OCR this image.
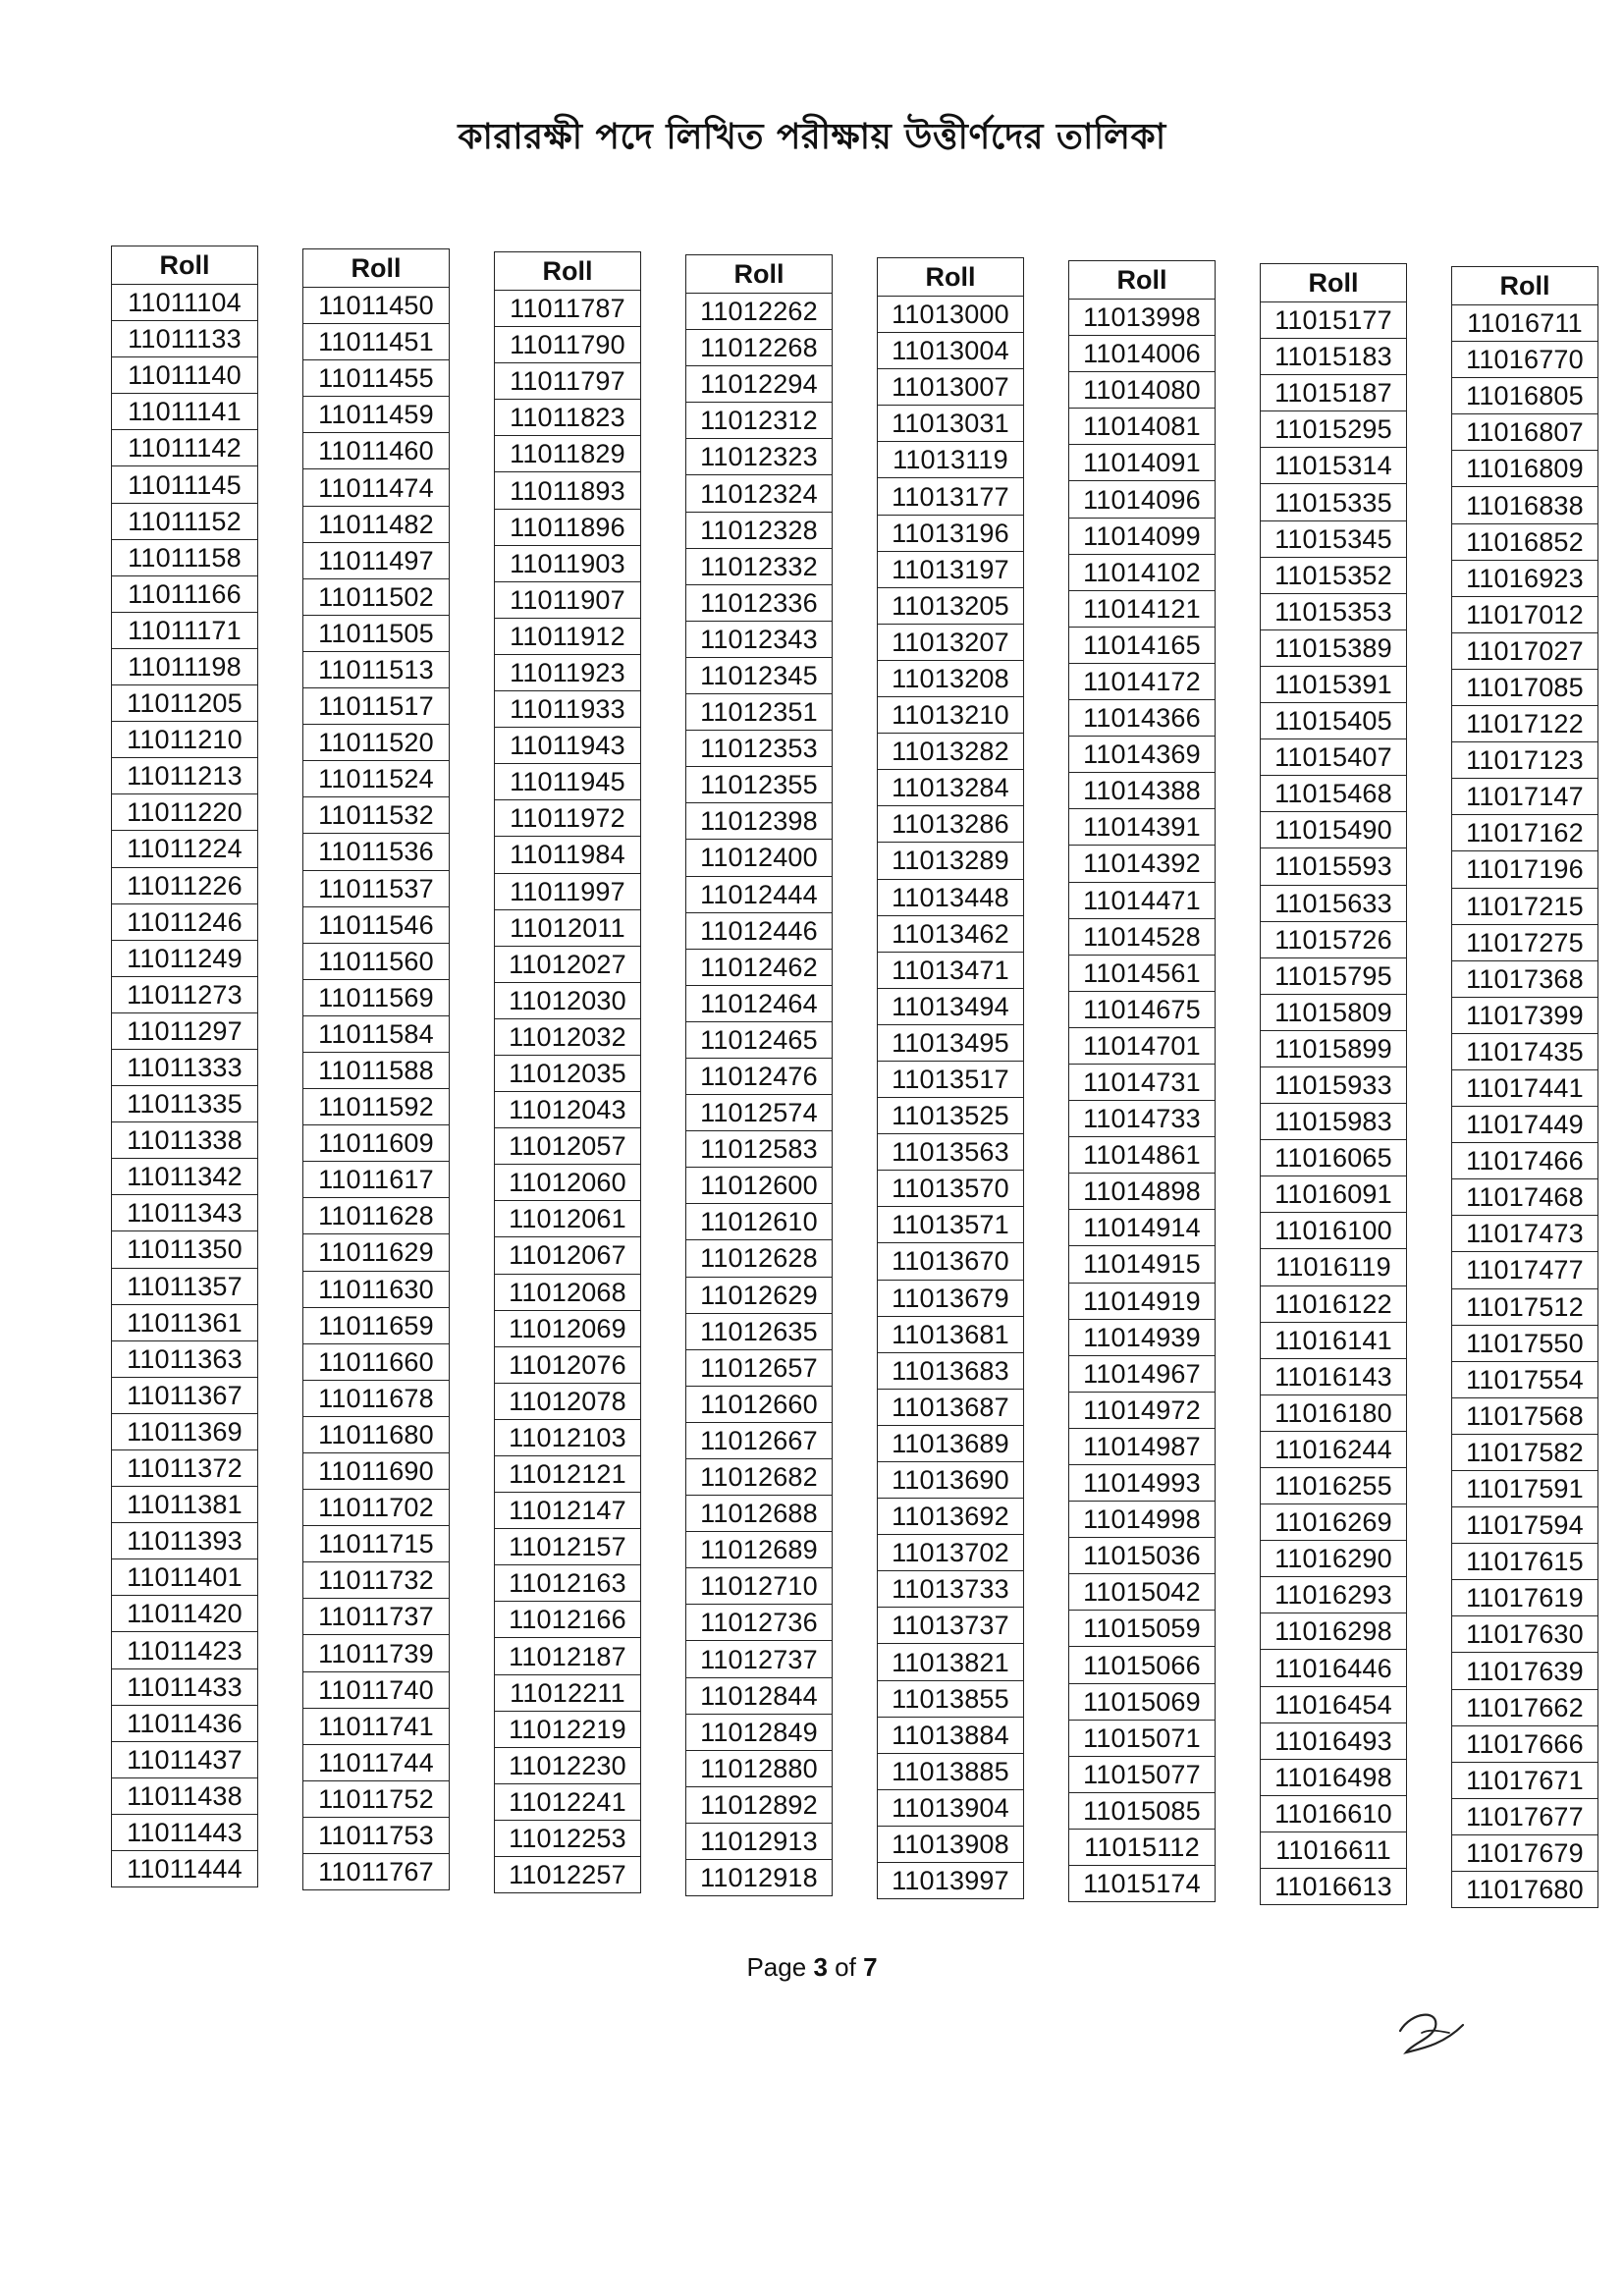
কারারক্ষী পদে লিখিত পরীক্ষায় উত্তীর্ণদের তালিকা
Roll
11011104
11011133
11011140
11011141
11011142
11011145
11011152
11011158
11011166
11011171
11011198
11011205
11011210
11011213
11011220
11011224
11011226
11011246
11011249
11011273
11011297
11011333
11011335
11011338
11011342
11011343
11011350
11011357
11011361
11011363
11011367
11011369
11011372
11011381
11011393
11011401
11011420
11011423
11011433
11011436
11011437
11011438
11011443
11011444
Roll
11011450
11011451
11011455
11011459
11011460
11011474
11011482
11011497
11011502
11011505
11011513
11011517
11011520
11011524
11011532
11011536
11011537
11011546
11011560
11011569
11011584
11011588
11011592
11011609
11011617
11011628
11011629
11011630
11011659
11011660
11011678
11011680
11011690
11011702
11011715
11011732
11011737
11011739
11011740
11011741
11011744
11011752
11011753
11011767
Roll
11011787
11011790
11011797
11011823
11011829
11011893
11011896
11011903
11011907
11011912
11011923
11011933
11011943
11011945
11011972
11011984
11011997
11012011
11012027
11012030
11012032
11012035
11012043
11012057
11012060
11012061
11012067
11012068
11012069
11012076
11012078
11012103
11012121
11012147
11012157
11012163
11012166
11012187
11012211
11012219
11012230
11012241
11012253
11012257
Roll
11012262
11012268
11012294
11012312
11012323
11012324
11012328
11012332
11012336
11012343
11012345
11012351
11012353
11012355
11012398
11012400
11012444
11012446
11012462
11012464
11012465
11012476
11012574
11012583
11012600
11012610
11012628
11012629
11012635
11012657
11012660
11012667
11012682
11012688
11012689
11012710
11012736
11012737
11012844
11012849
11012880
11012892
11012913
11012918
Roll
11013000
11013004
11013007
11013031
11013119
11013177
11013196
11013197
11013205
11013207
11013208
11013210
11013282
11013284
11013286
11013289
11013448
11013462
11013471
11013494
11013495
11013517
11013525
11013563
11013570
11013571
11013670
11013679
11013681
11013683
11013687
11013689
11013690
11013692
11013702
11013733
11013737
11013821
11013855
11013884
11013885
11013904
11013908
11013997
Roll
11013998
11014006
11014080
11014081
11014091
11014096
11014099
11014102
11014121
11014165
11014172
11014366
11014369
11014388
11014391
11014392
11014471
11014528
11014561
11014675
11014701
11014731
11014733
11014861
11014898
11014914
11014915
11014919
11014939
11014967
11014972
11014987
11014993
11014998
11015036
11015042
11015059
11015066
11015069
11015071
11015077
11015085
11015112
11015174
Roll
11015177
11015183
11015187
11015295
11015314
11015335
11015345
11015352
11015353
11015389
11015391
11015405
11015407
11015468
11015490
11015593
11015633
11015726
11015795
11015809
11015899
11015933
11015983
11016065
11016091
11016100
11016119
11016122
11016141
11016143
11016180
11016244
11016255
11016269
11016290
11016293
11016298
11016446
11016454
11016493
11016498
11016610
11016611
11016613
Roll
11016711
11016770
11016805
11016807
11016809
11016838
11016852
11016923
11017012
11017027
11017085
11017122
11017123
11017147
11017162
11017196
11017215
11017275
11017368
11017399
11017435
11017441
11017449
11017466
11017468
11017473
11017477
11017512
11017550
11017554
11017568
11017582
11017591
11017594
11017615
11017619
11017630
11017639
11017662
11017666
11017671
11017677
11017679
11017680
Page 3 of 7
